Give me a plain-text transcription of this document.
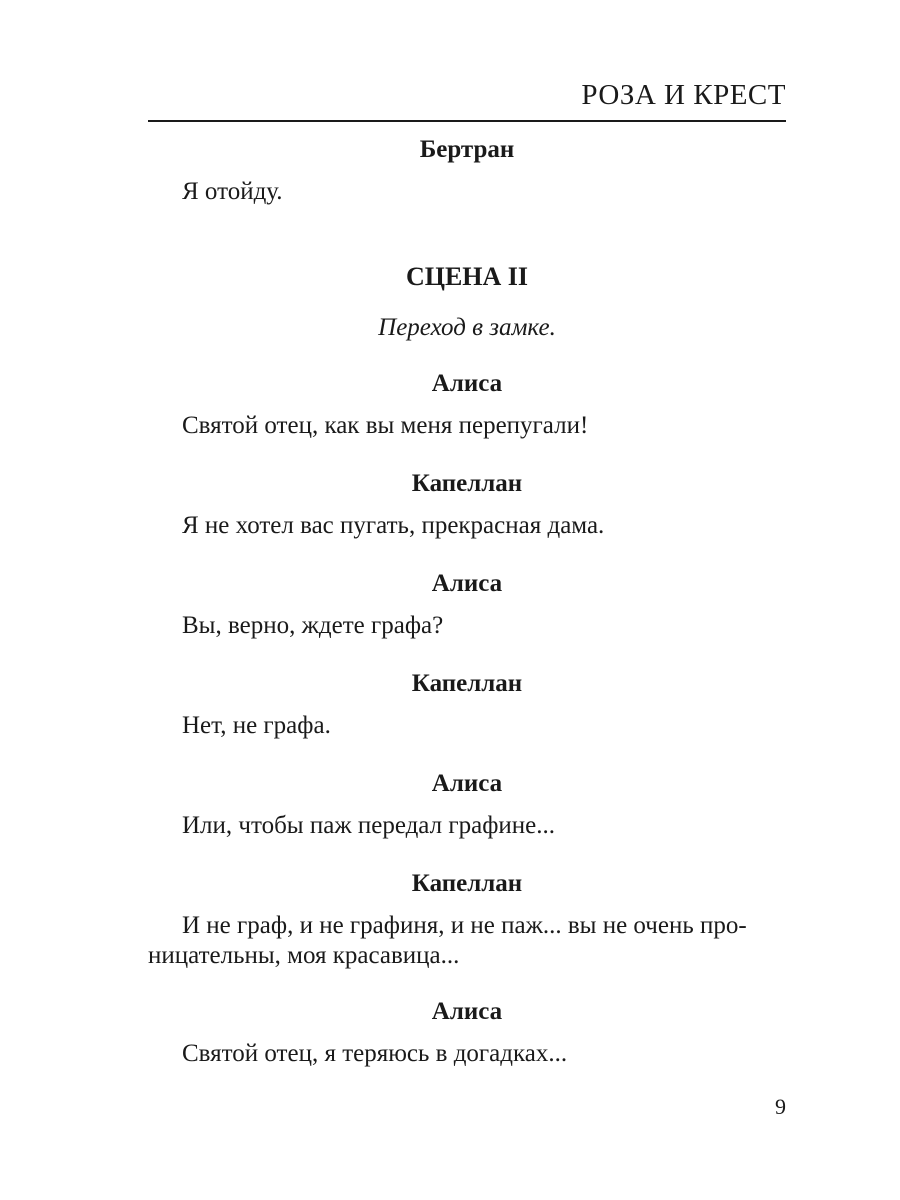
РОЗА И КРЕСТ
Бертран
Я отойду.
СЦЕНА II
Переход в замке.
Алиса
Святой отец, как вы меня перепугали!
Капеллан
Я не хотел вас пугать, прекрасная дама.
Алиса
Вы, верно, ждете графа?
Капеллан
Нет, не графа.
Алиса
Или, чтобы паж передал графине...
Капеллан
И не граф, и не графиня, и не паж... вы не очень про-
ницательны, моя красавица...
Алиса
Святой отец, я теряюсь в догадках...
9
